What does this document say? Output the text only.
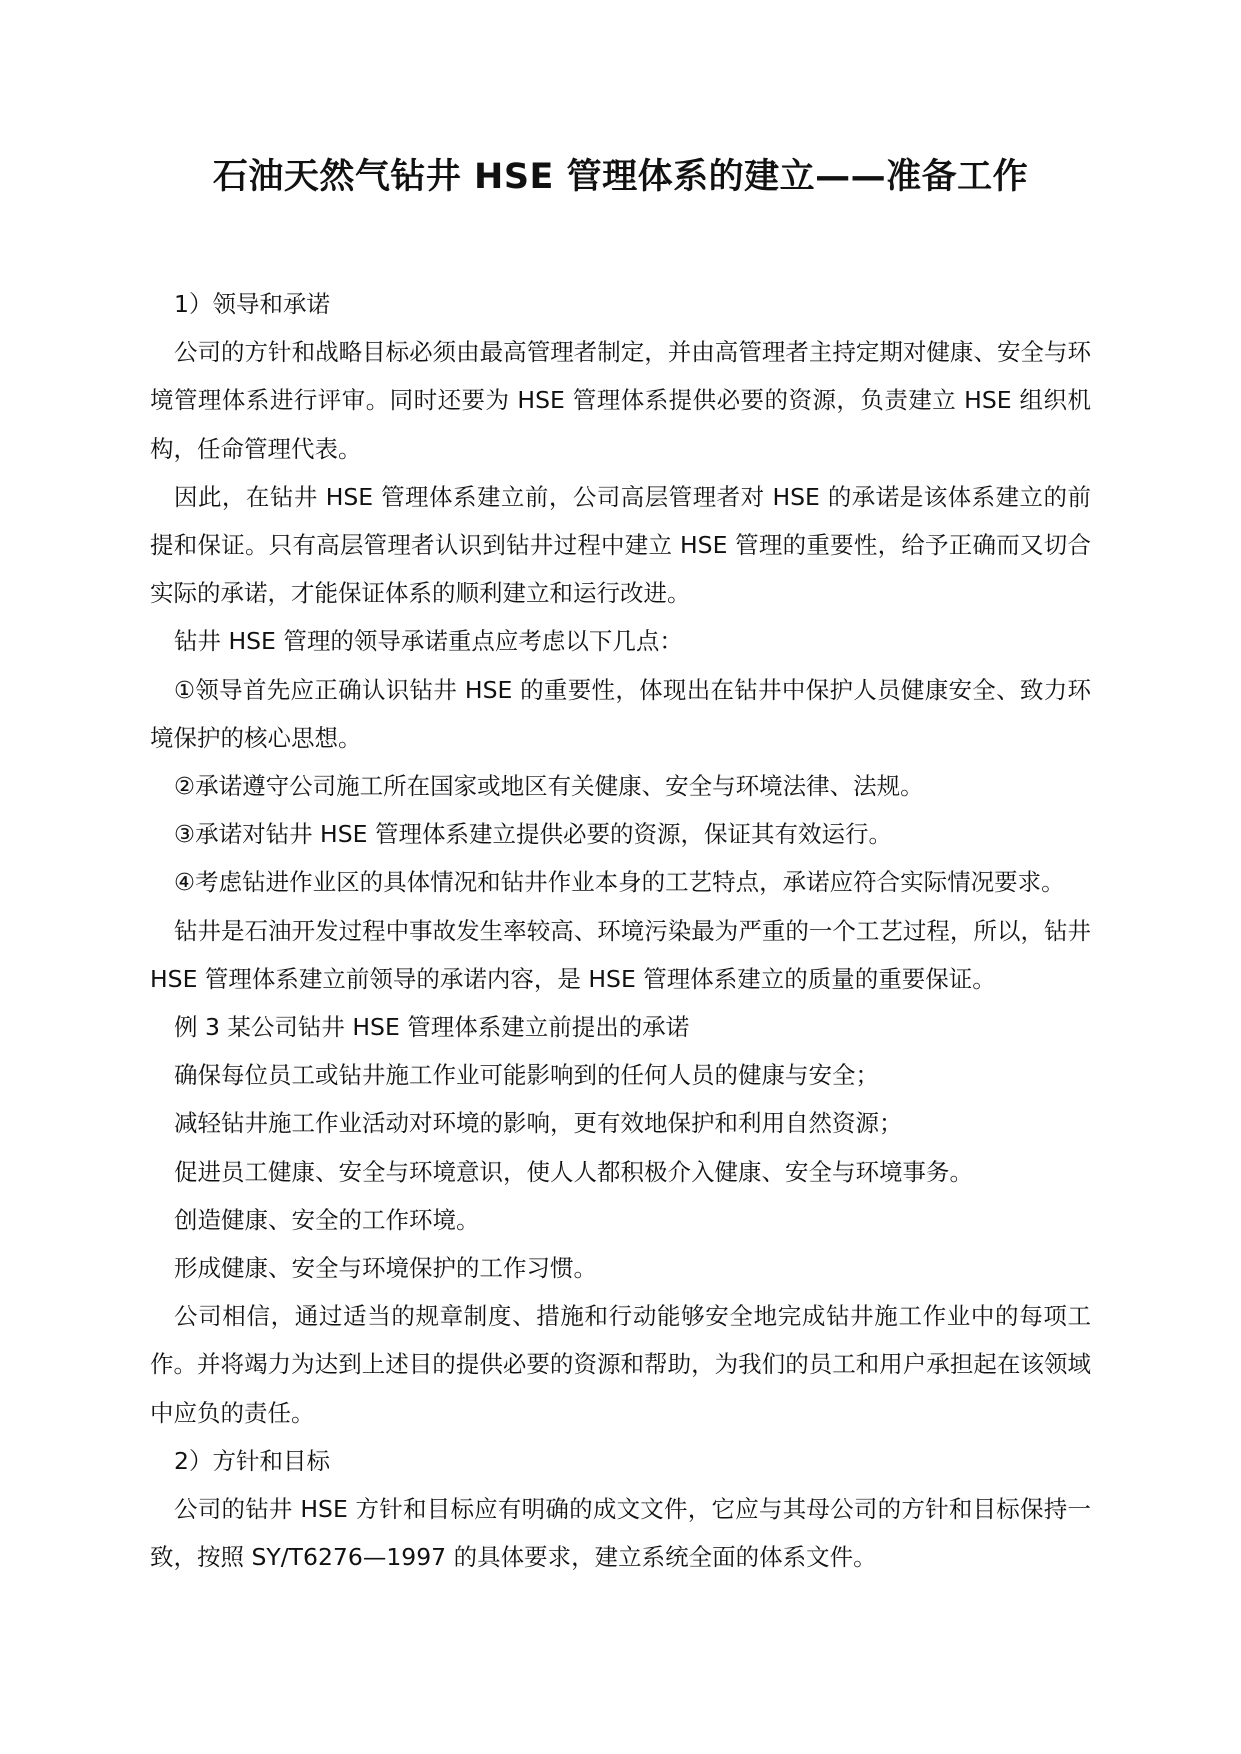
石油天然气钻井 HSE 管理体系的建立——准备工作

1）领导和承诺

公司的方针和战略目标必须由最高管理者制定，并由高管理者主持定期对健康、安全与环境管理体系进行评审。同时还要为 HSE 管理体系提供必要的资源，负责建立 HSE 组织机构，任命管理代表。

因此，在钻井 HSE 管理体系建立前，公司高层管理者对 HSE 的承诺是该体系建立的前提和保证。只有高层管理者认识到钻井过程中建立 HSE 管理的重要性，给予正确而又切合实际的承诺，才能保证体系的顺利建立和运行改进。

钻井 HSE 管理的领导承诺重点应考虑以下几点：

①领导首先应正确认识钻井 HSE 的重要性，体现出在钻井中保护人员健康安全、致力环境保护的核心思想。

②承诺遵守公司施工所在国家或地区有关健康、安全与环境法律、法规。

③承诺对钻井 HSE 管理体系建立提供必要的资源，保证其有效运行。

④考虑钻进作业区的具体情况和钻井作业本身的工艺特点，承诺应符合实际情况要求。

钻井是石油开发过程中事故发生率较高、环境污染最为严重的一个工艺过程，所以，钻井 HSE 管理体系建立前领导的承诺内容，是 HSE 管理体系建立的质量的重要保证。

例 3 某公司钻井 HSE 管理体系建立前提出的承诺

确保每位员工或钻井施工作业可能影响到的任何人员的健康与安全；

减轻钻井施工作业活动对环境的影响，更有效地保护和利用自然资源；

促进员工健康、安全与环境意识，使人人都积极介入健康、安全与环境事务。

创造健康、安全的工作环境。

形成健康、安全与环境保护的工作习惯。

公司相信，通过适当的规章制度、措施和行动能够安全地完成钻井施工作业中的每项工作。并将竭力为达到上述目的提供必要的资源和帮助，为我们的员工和用户承担起在该领域中应负的责任。

2）方针和目标

公司的钻井 HSE 方针和目标应有明确的成文文件，它应与其母公司的方针和目标保持一致，按照 SY/T6276—1997 的具体要求，建立系统全面的体系文件。
